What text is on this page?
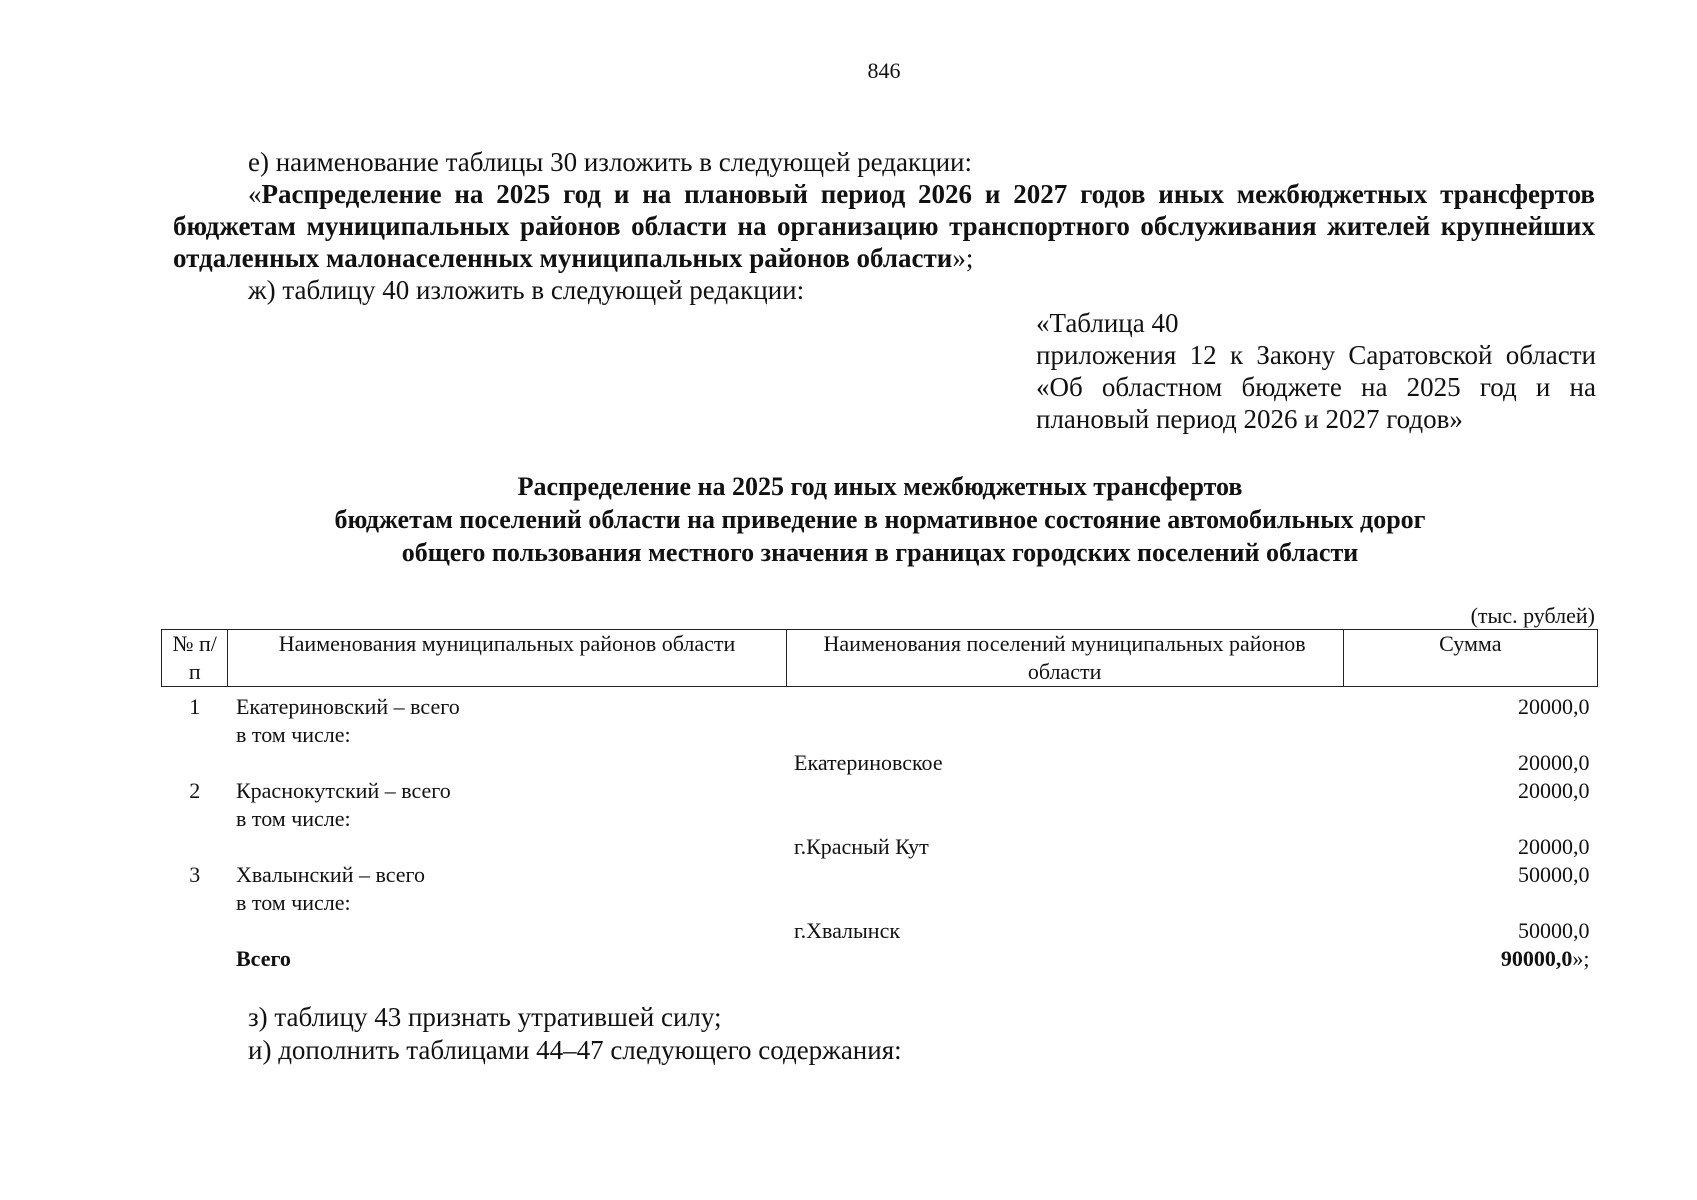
846

е) наименование таблицы 30 изложить в следующей редакции:

«Распределение на 2025 год и на плановый период 2026 и 2027 годов иных межбюджетных трансфертов бюджетам муниципальных районов области на организацию транспортного обслуживания жителей крупнейших отдаленных малонаселенных муниципальных районов области»;

ж) таблицу 40 изложить в следующей редакции:

«Таблица 40
приложения 12 к Закону Саратовской области «Об областном бюджете на 2025 год и на плановый период 2026 и 2027 годов»
Распределение на 2025 год иных межбюджетных трансфертов
бюджетам поселений области на приведение в нормативное состояние автомобильных дорог
общего пользования местного значения в границах городских поселений области
(тыс. рублей)
№ п/п	Наименования муниципальных районов области	Наименования поселений муниципальных районов области	Сумма
1	Екатериновский – всего		20000,0
	в том числе:		
		Екатериновское	20000,0
2	Краснокутский – всего		20000,0
	в том числе:		
		г.Красный Кут	20000,0
3	Хвалынский – всего		50000,0
	в том числе:		
		г.Хвалынск	50000,0
	Всего		90000,0»;

з) таблицу 43 признать утратившей силу;

и) дополнить таблицами 44–47 следующего содержания:
